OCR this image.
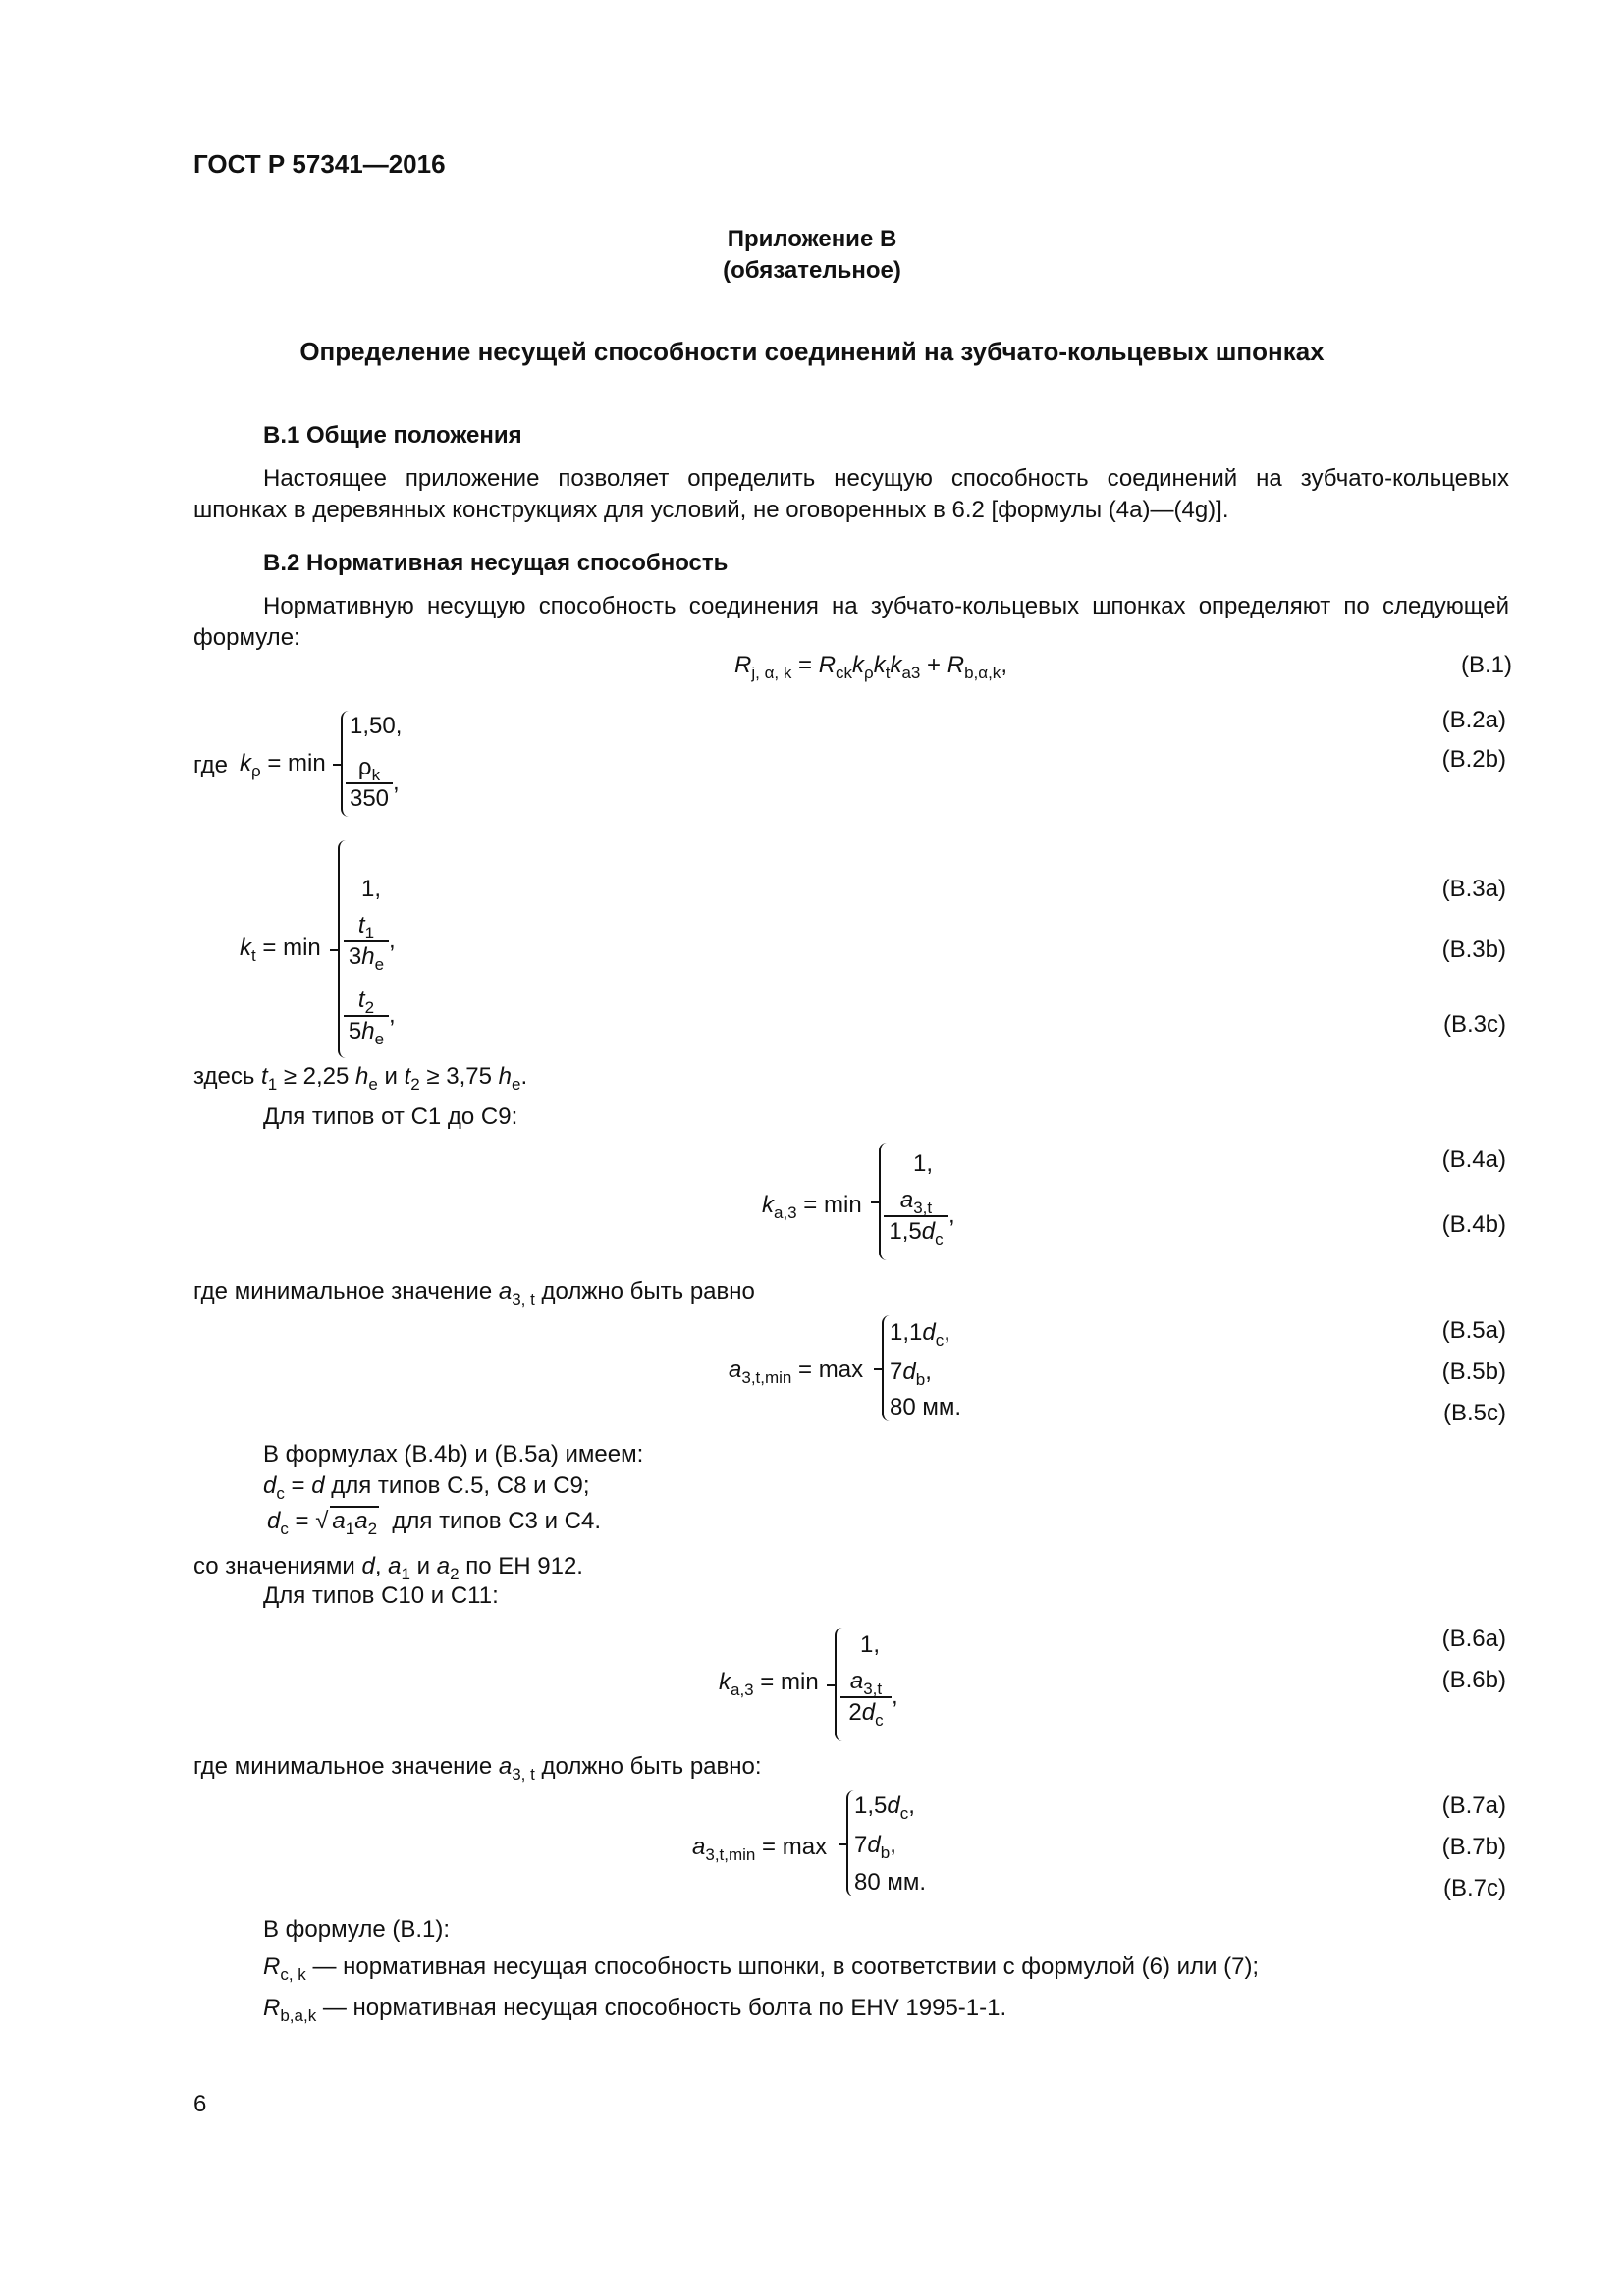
ГОСТ Р 57341—2016
Приложение В
(обязательное)
Определение несущей способности соединений на зубчато-кольцевых шпонках
В.1 Общие положения
Настоящее приложение позволяет определить несущую способность соединений на зубчато-кольцевых шпонках в деревянных конструкциях для условий, не оговоренных в 6.2 [формулы (4а)—(4g)].
В.2 Нормативная несущая способность
Нормативную несущую способность соединения на зубчато-кольцевых шпонках определяют по следующей формуле:
$R_{j, \alpha, k} = R_{ck}k_\rho k_tk_{a3} + R_{b,\alpha,k}$,	(В.1)
где $k_\rho = \min$
1,50,
$\frac{\rho_k}{350}$ ,
(В.2a)
(В.2b)
$k_t = \min$
1,
$\frac{t_1}{3h_e}$ ,
$\frac{t_2}{5h_e}$ ,
(В.3a)
(В.3b)
(В.3c)
здесь $t_1 \ge 2,25$ $h_e$ и $t_2 \ge 3,75$ $h_e$.
Для типов от С1 до С9:
$k_{a,3} = \min$
1,
$\frac{a_{3,t}}{1,5d_c}$ ,
(В.4a)
(В.4b)
где минимальное значение $a_{3, t}$ должно быть равно
$a_{3,t,min} = \max$
$1,1d_c$,
$7d_b$,
80 мм.
(В.5a)
(В.5b)
(В.5c)
В формулах (В.4b) и (В.5a) имеем:
$d_c = d$ для типов С.5, С8 и С9;
$d_c$ = √ $a_1a_2$ для типов С3 и С4.
со значениями d, $a_1$ и $a_2$ по ЕН 912.
Для типов С10 и С11:
$k_{a,3} = \min$
1,
$\frac{a_{3,t}}{2d_c}$ ,
(В.6a)
(В.6b)
где минимальное значение $a_{3, t}$ должно быть равно:
$a_{3,t,min} = \max$
$1,5d_c$,
$7d_b$,
80 мм.
(В.7a)
(В.7b)
(В.7c)
В формуле (В.1):
$R_{c, k}$ — нормативная несущая способность шпонки, в соответствии с формулой (6) или (7);
$R_{b,a,k}$ — нормативная несущая способность болта по ЕНV 1995-1-1.
6
